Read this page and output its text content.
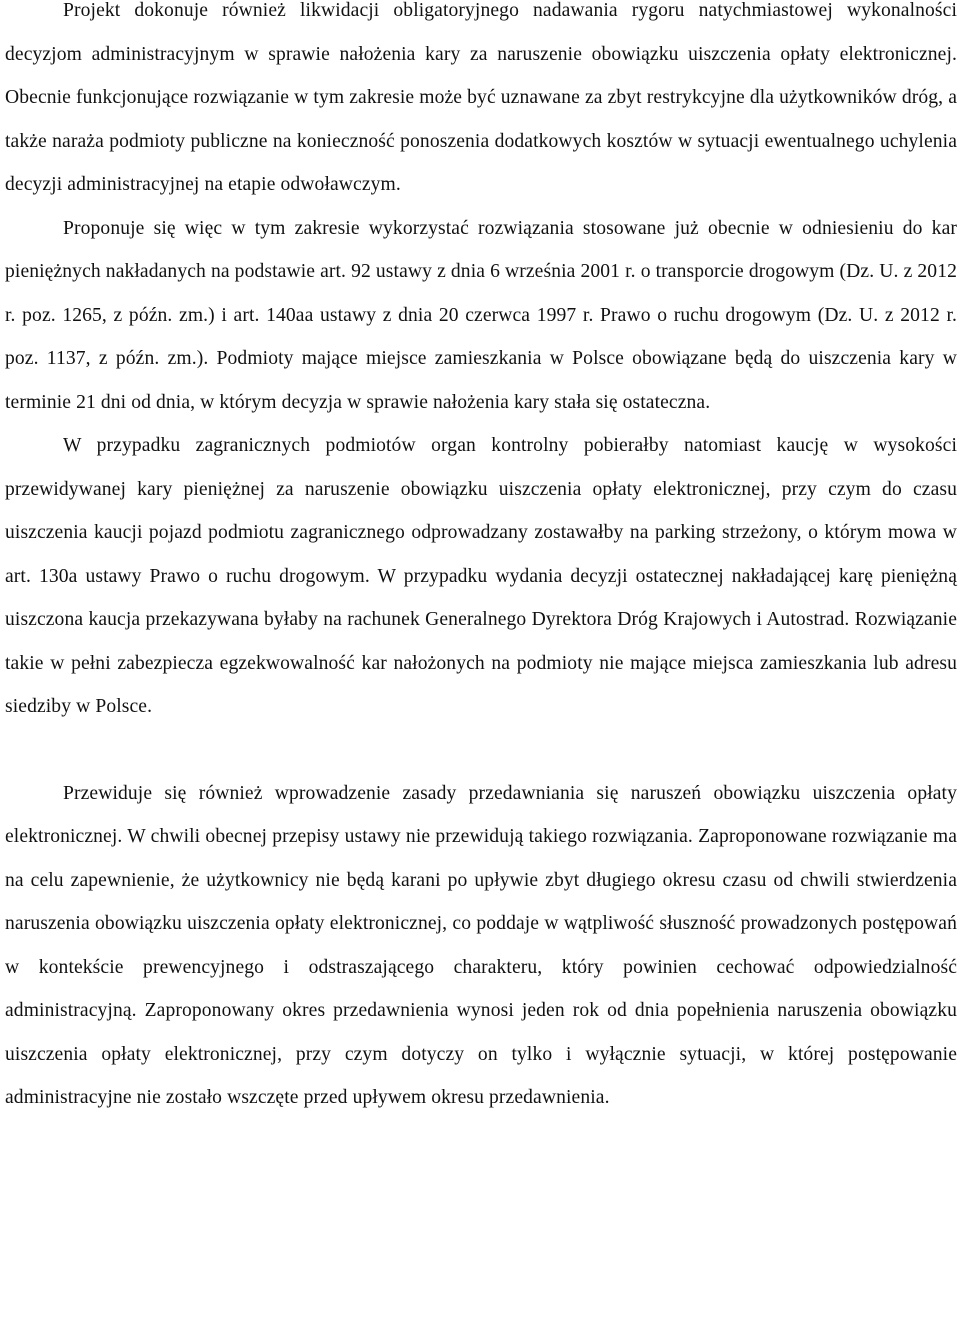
Projekt dokonuje również likwidacji obligatoryjnego nadawania rygoru natychmiastowej wykonalności decyzjom administracyjnym w sprawie nałożenia kary za naruszenie obowiązku uiszczenia opłaty elektronicznej. Obecnie funkcjonujące rozwiązanie w tym zakresie może być uznawane za zbyt restrykcyjne dla użytkowników dróg, a także naraża podmioty publiczne na konieczność ponoszenia dodatkowych kosztów w sytuacji ewentualnego uchylenia decyzji administracyjnej na etapie odwoławczym.

Proponuje się więc w tym zakresie wykorzystać rozwiązania stosowane już obecnie w odniesieniu do kar pieniężnych nakładanych na podstawie art. 92 ustawy z dnia 6 września 2001 r. o transporcie drogowym (Dz. U. z 2012 r. poz. 1265, z późn. zm.) i art. 140aa ustawy z dnia 20 czerwca 1997 r. Prawo o ruchu drogowym (Dz. U. z 2012 r. poz. 1137, z późn. zm.). Podmioty mające miejsce zamieszkania w Polsce obowiązane będą do uiszczenia kary w terminie 21 dni od dnia, w którym decyzja w sprawie nałożenia kary stała się ostateczna.

W przypadku zagranicznych podmiotów organ kontrolny pobierałby natomiast kaucję w wysokości przewidywanej kary pieniężnej za naruszenie obowiązku uiszczenia opłaty elektronicznej, przy czym do czasu uiszczenia kaucji pojazd podmiotu zagranicznego odprowadzany zostawałby na parking strzeżony, o którym mowa w art. 130a ustawy Prawo o ruchu drogowym. W przypadku wydania decyzji ostatecznej nakładającej karę pieniężną uiszczona kaucja przekazywana byłaby na rachunek Generalnego Dyrektora Dróg Krajowych i Autostrad. Rozwiązanie takie w pełni zabezpiecza egzekwowalność kar nałożonych na podmioty nie mające miejsca zamieszkania lub adresu siedziby w Polsce.

Przewiduje się również wprowadzenie zasady przedawniania się naruszeń obowiązku uiszczenia opłaty elektronicznej. W chwili obecnej przepisy ustawy nie przewidują takiego rozwiązania. Zaproponowane rozwiązanie ma na celu zapewnienie, że użytkownicy nie będą karani po upływie zbyt długiego okresu czasu od chwili stwierdzenia naruszenia obowiązku uiszczenia opłaty elektronicznej, co poddaje w wątpliwość słuszność prowadzonych postępowań w kontekście prewencyjnego i odstraszającego charakteru, który powinien cechować odpowiedzialność administracyjną. Zaproponowany okres przedawnienia wynosi jeden rok od dnia popełnienia naruszenia obowiązku uiszczenia opłaty elektronicznej, przy czym dotyczy on tylko i wyłącznie sytuacji, w której postępowanie administracyjne nie zostało wszczęte przed upływem okresu przedawnienia.
